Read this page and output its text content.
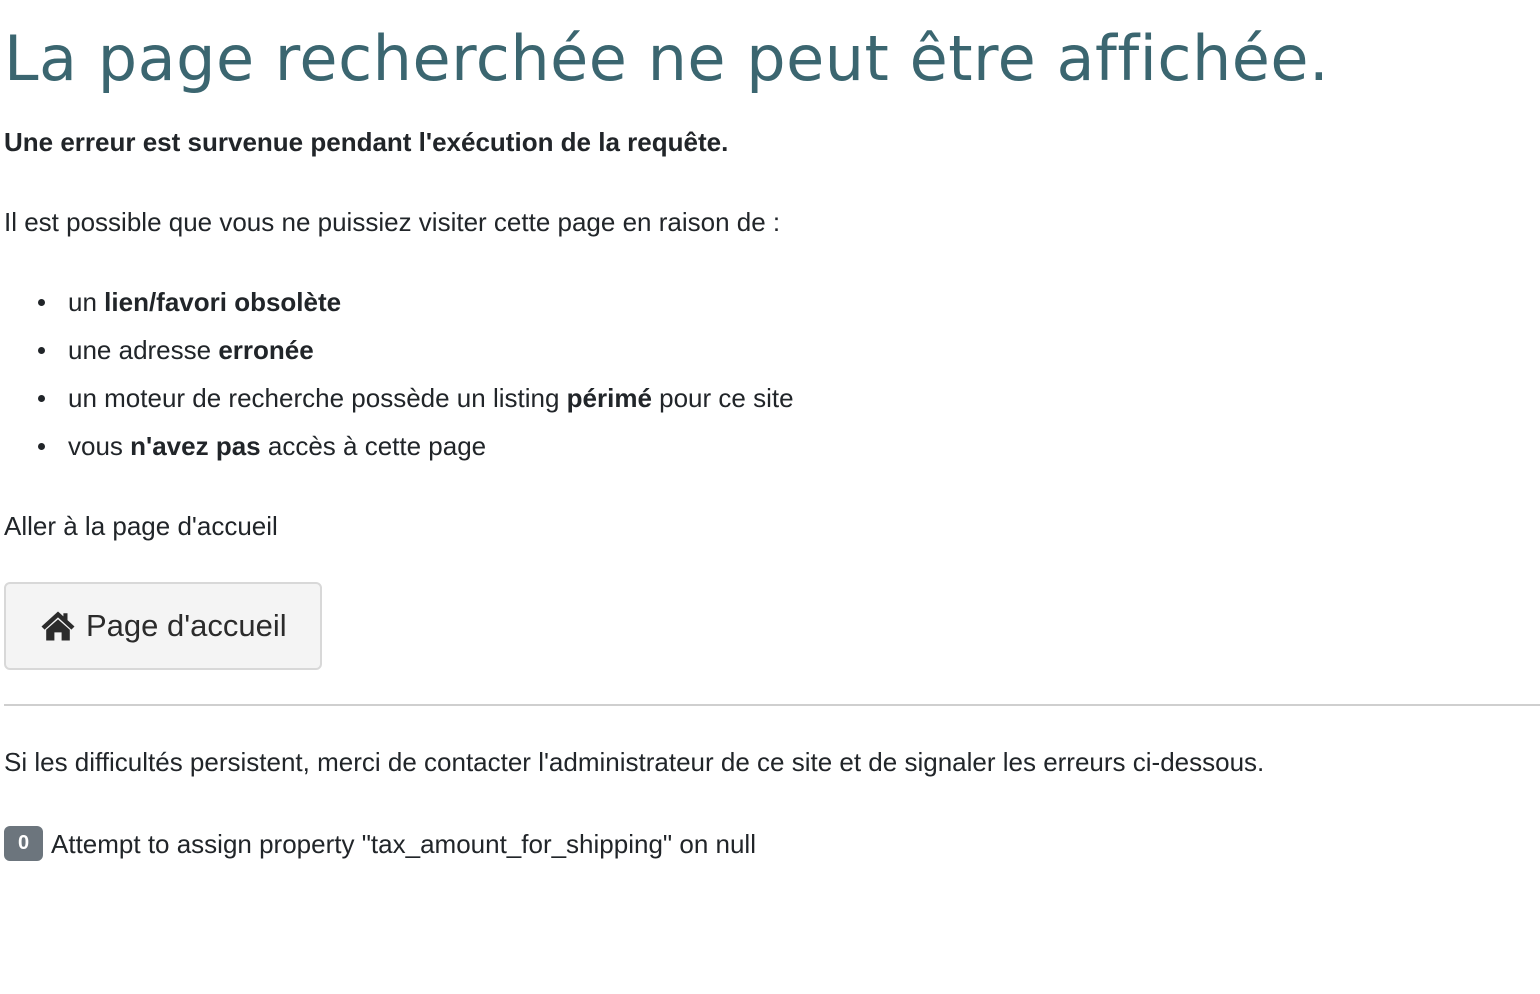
La page recherchée ne peut être affichée.
Une erreur est survenue pendant l'exécution de la requête.
Il est possible que vous ne puissiez visiter cette page en raison de :
un lien/favori obsolète
une adresse erronée
un moteur de recherche possède un listing périmé pour ce site
vous n'avez pas accès à cette page
Aller à la page d'accueil
Page d'accueil
Si les difficultés persistent, merci de contacter l'administrateur de ce site et de signaler les erreurs ci-dessous.
0 Attempt to assign property "tax_amount_for_shipping" on null
